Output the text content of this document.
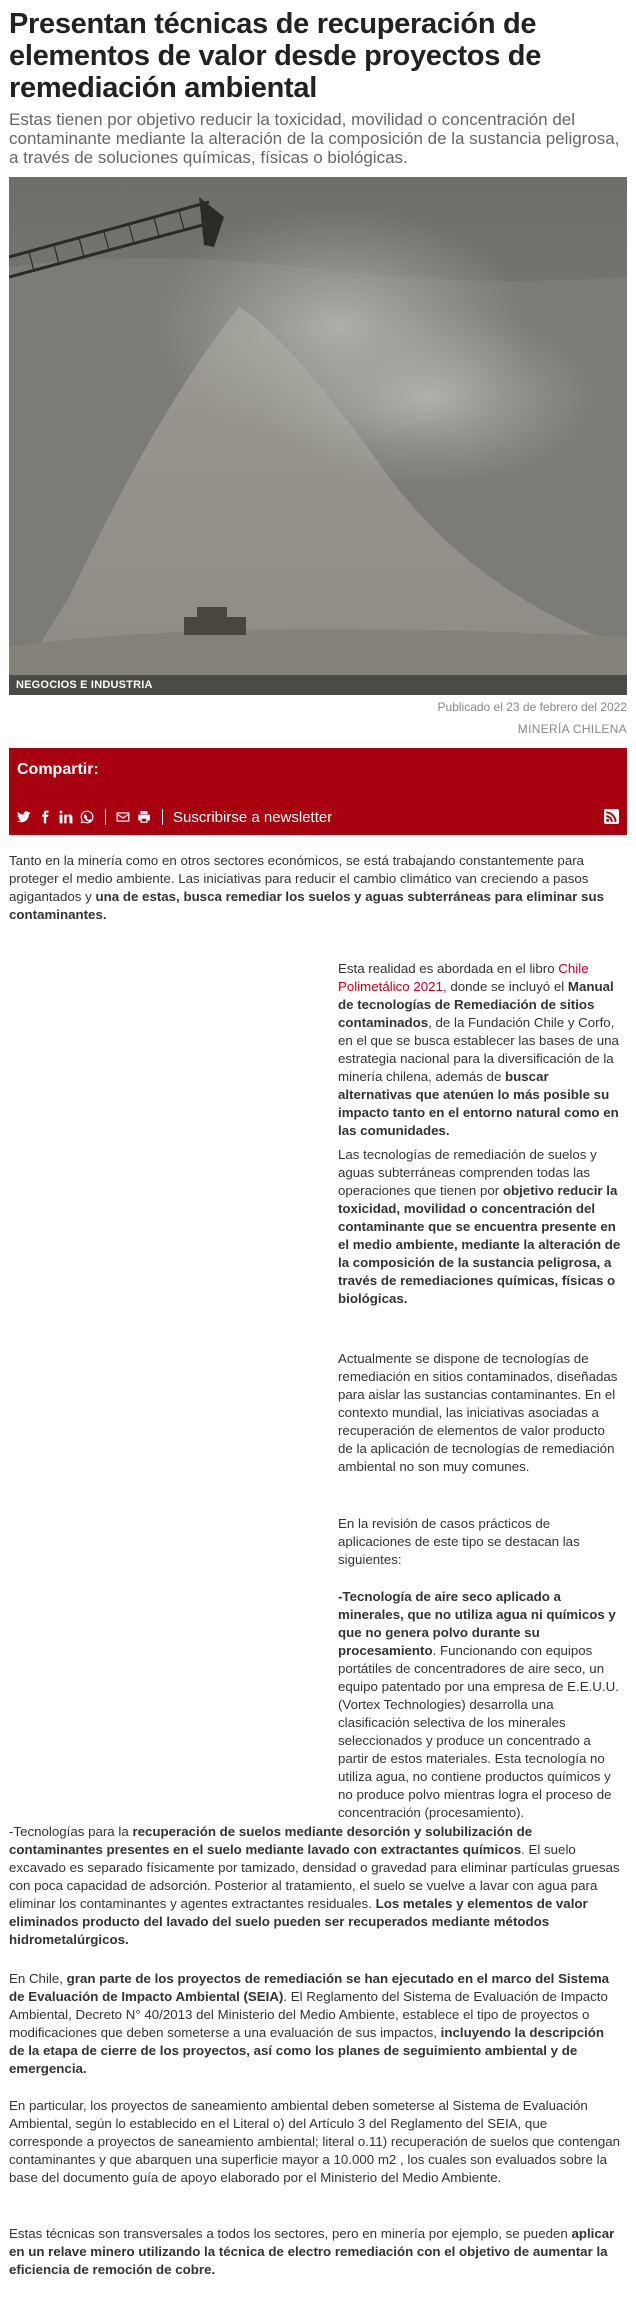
Presentan técnicas de recuperación de elementos de valor desde proyectos de remediación ambiental

Estas tienen por objetivo reducir la toxicidad, movilidad o concentración del contaminante mediante la alteración de la composición de la sustancia peligrosa, a través de soluciones químicas, físicas o biológicas.

NEGOCIOS E INDUSTRIA
Publicado el 23 de febrero del 2022
MINERÍA CHILENA
Compartir:
Suscribirse a newsletter

Tanto en la minería como en otros sectores económicos, se está trabajando constantemente para proteger el medio ambiente. Las iniciativas para reducir el cambio climático van creciendo a pasos agigantados y una de estas, busca remediar los suelos y aguas subterráneas para eliminar sus contaminantes.

Esta realidad es abordada en el libro Chile Polimetálico 2021, donde se incluyó el Manual de tecnologías de Remediación de sitios contaminados, de la Fundación Chile y Corfo, en el que se busca establecer las bases de una estrategia nacional para la diversificación de la minería chilena, además de buscar alternativas que atenúen lo más posible su impacto tanto en el entorno natural como en las comunidades.

Las tecnologías de remediación de suelos y aguas subterráneas comprenden todas las operaciones que tienen por objetivo reducir la toxicidad, movilidad o concentración del contaminante que se encuentra presente en el medio ambiente, mediante la alteración de la composición de la sustancia peligrosa, a través de remediaciones químicas, físicas o biológicas.

Actualmente se dispone de tecnologías de remediación en sitios contaminados, diseñadas para aislar las sustancias contaminantes. En el contexto mundial, las iniciativas asociadas a recuperación de elementos de valor producto de la aplicación de tecnologías de remediación ambiental no son muy comunes.

En la revisión de casos prácticos de aplicaciones de este tipo se destacan las siguientes:

-Tecnología de aire seco aplicado a minerales, que no utiliza agua ni químicos y que no genera polvo durante su procesamiento. Funcionando con equipos portátiles de concentradores de aire seco, un equipo patentado por una empresa de E.E.U.U. (Vortex Technologies) desarrolla una clasificación selectiva de los minerales seleccionados y produce un concentrado a partir de estos materiales. Esta tecnología no utiliza agua, no contiene productos químicos y no produce polvo mientras logra el proceso de concentración (procesamiento).

-Tecnologías para la recuperación de suelos mediante desorción y solubilización de contaminantes presentes en el suelo mediante lavado con extractantes químicos. El suelo excavado es separado físicamente por tamizado, densidad o gravedad para eliminar partículas gruesas con poca capacidad de adsorción. Posterior al tratamiento, el suelo se vuelve a lavar con agua para eliminar los contaminantes y agentes extractantes residuales. Los metales y elementos de valor eliminados producto del lavado del suelo pueden ser recuperados mediante métodos hidrometalúrgicos.

En Chile, gran parte de los proyectos de remediación se han ejecutado en el marco del Sistema de Evaluación de Impacto Ambiental (SEIA). El Reglamento del Sistema de Evaluación de Impacto Ambiental, Decreto N° 40/2013 del Ministerio del Medio Ambiente, establece el tipo de proyectos o modificaciones que deben someterse a una evaluación de sus impactos, incluyendo la descripción de la etapa de cierre de los proyectos, así como los planes de seguimiento ambiental y de emergencia.

En particular, los proyectos de saneamiento ambiental deben someterse al Sistema de Evaluación Ambiental, según lo establecido en el Literal o) del Artículo 3 del Reglamento del SEIA, que corresponde a proyectos de saneamiento ambiental; literal o.11) recuperación de suelos que contengan contaminantes y que abarquen una superficie mayor a 10.000 m2 , los cuales son evaluados sobre la base del documento guía de apoyo elaborado por el Ministerio del Medio Ambiente.

Estas técnicas son transversales a todos los sectores, pero en minería por ejemplo, se pueden aplicar en un relave minero utilizando la técnica de electro remediación con el objetivo de aumentar la eficiencia de remoción de cobre.
